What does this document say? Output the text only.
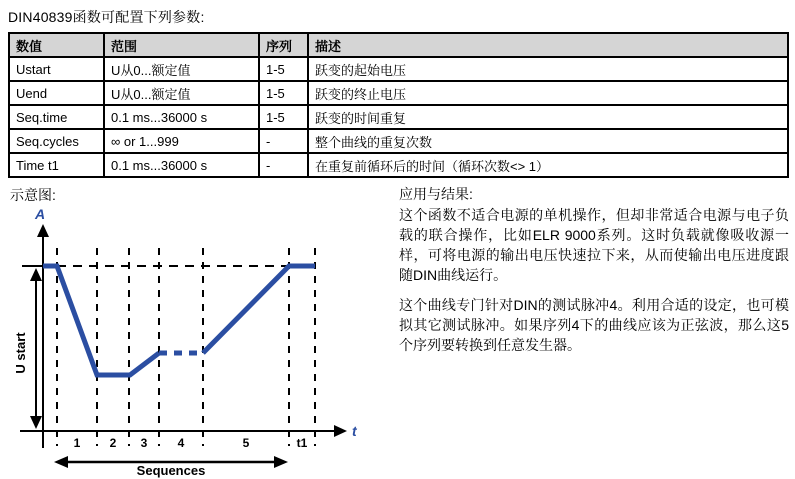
DIN40839函数可配置下列参数:
数值	范围	序列	描述
Ustart	U从0...额定值	1-5	跃变的起始电压
Uend	U从0...额定值	1-5	跃变的终止电压
Seq.time	0.1 ms...36000 s	1-5	跃变的时间重复
Seq.cycles	∞ or 1...999	-	整个曲线的重复次数
Time t1	0.1 ms...36000 s	-	在重复前循环后的时间（循环次数<> 1）
示意图:
U start
A
t
1 2 3	4	5	t1
Sequences
应用与结果:

这个函数不适合电源的单机操作，但却非常适合电源与电子负载的联合操作，比如ELR 9000系列。这时负载就像吸收源一样，可将电源的输出电压快速拉下来，从而使输出电压进度跟随DIN曲线运行。

这个曲线专门针对DIN的测试脉冲4。利用合适的设定，也可模拟其它测试脉冲。如果序列4下的曲线应该为正弦波，那么这5个序列要转换到任意发生器。
